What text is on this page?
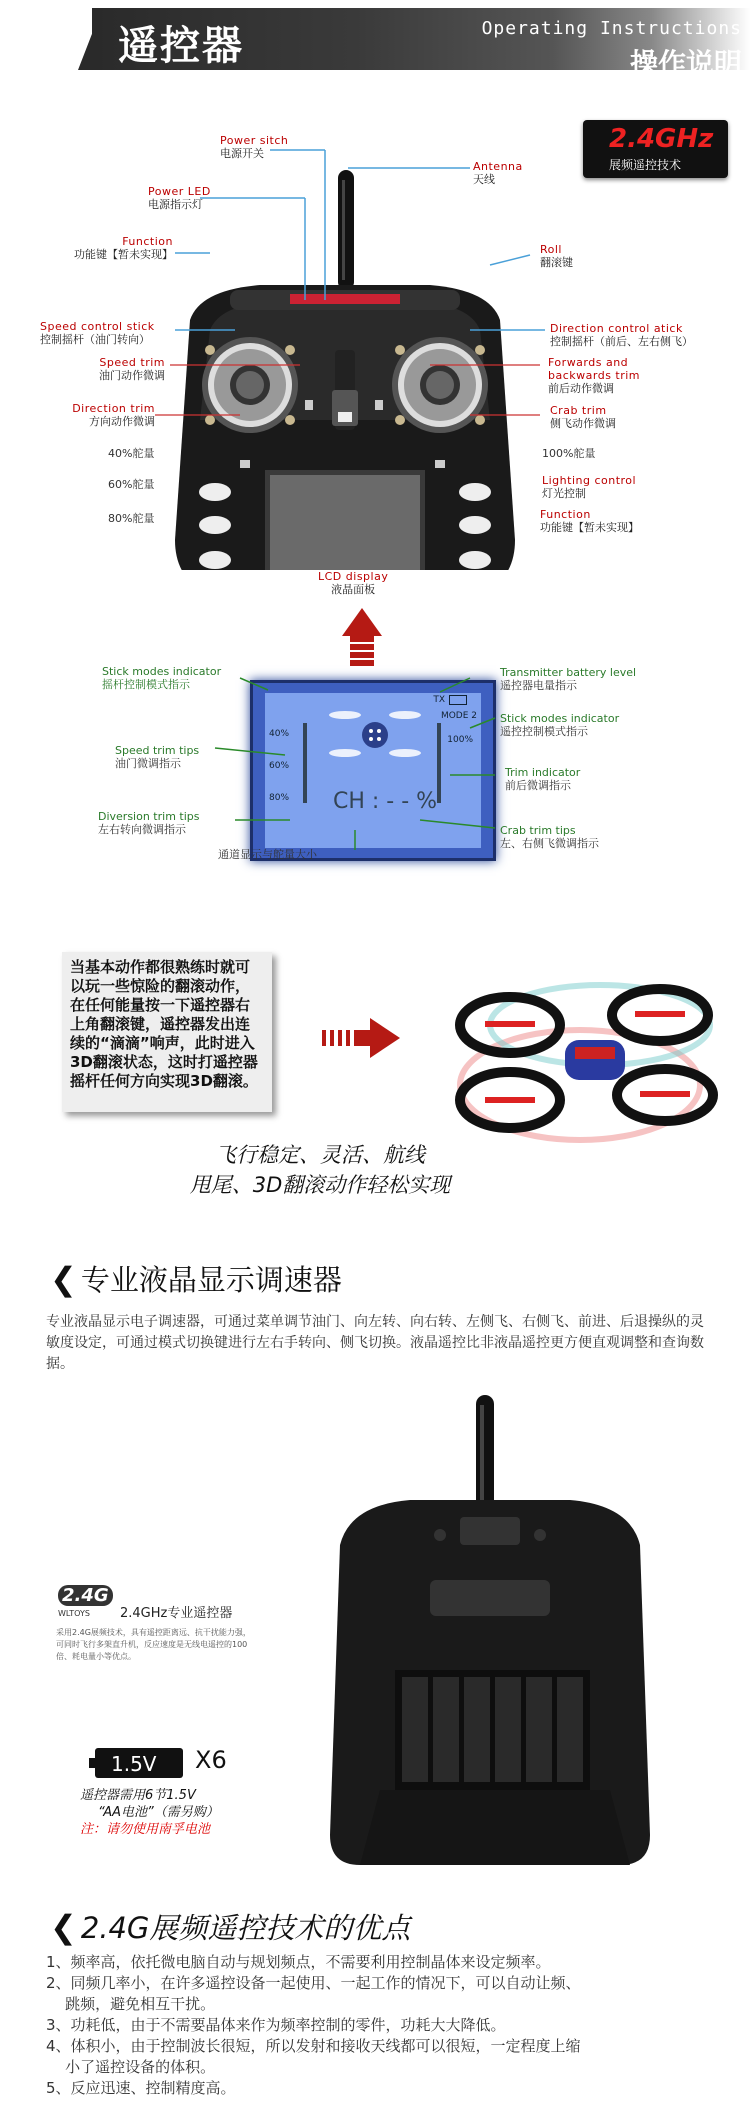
遥控器	Operating Instructions
操作说明
2.4GHz
展频遥控技术
Power sitch
电源开关
Antenna
天线
Power LED
电源指示灯
Function
功能键【暂未实现】	Roll
翻滚键
Speed control stick
控制摇杆（油门转向）
Direction control atick
控制摇杆（前后、左右侧飞）
Speed trim
油门动作微调
Forwards and
backwards trim
前后动作微调
Direction trim
方向动作微调
Crab trim
侧飞动作微调
40%舵量	100%舵量
60%舵量	Lighting control
灯光控制
80%舵量	Function
功能键【暂未实现】
LCD display
液晶面板
TX
MODE 2
100%
40%
60%
80% CH : - - %
Stick modes indicator
摇杆控制模式指示
Transmitter battery level
遥控器电量指示
Stick modes indicator
遥控控制模式指示
Speed trim tips
油门微调指示
Trim indicator
前后微调指示
Diversion trim tips
左右转向微调指示	Crab trim tips
左、右侧飞微调指示
通道显示与舵量大小
当基本动作都很熟练时就可以玩一些惊险的翻滚动作，在任何能量按一下遥控器右上角翻滚键，遥控器发出连续的“滴滴”响声，此时进入3D翻滚状态，这时打遥控器摇杆任何方向实现3D翻滚。
飞行稳定、灵活、航线
甩尾、3D翻滚动作轻松实现
❮ 专业液晶显示调速器
专业液晶显示电子调速器，可通过菜单调节油门、向左转、向右转、左侧飞、右侧飞、前进、后退操纵的灵敏度设定，可通过模式切换键进行左右手转向、侧飞切换。液晶遥控比非液晶遥控更方便直观调整和查询数据。
2.4G
WLTOYS 2.4GHz专业遥控器
采用2.4G展频技术，具有遥控距离远、抗干扰能力强，可同时飞行多架直升机，反应速度是无线电遥控的100倍、耗电量小等优点。
1.5V X6
遥控器需用6节1.5V
“AA电池”（需另购）
注：请勿使用南孚电池
❮ 2.4G展频遥控技术的优点
1、频率高，依托微电脑自动与规划频点，不需要利用控制晶体来设定频率。
2、同频几率小，在许多遥控设备一起使用、一起工作的情况下，可以自动让频、
跳频，避免相互干扰。
3、功耗低，由于不需要晶体来作为频率控制的零件，功耗大大降低。
4、体积小，由于控制波长很短，所以发射和接收天线都可以很短，一定程度上缩
小了遥控设备的体积。
5、反应迅速、控制精度高。
